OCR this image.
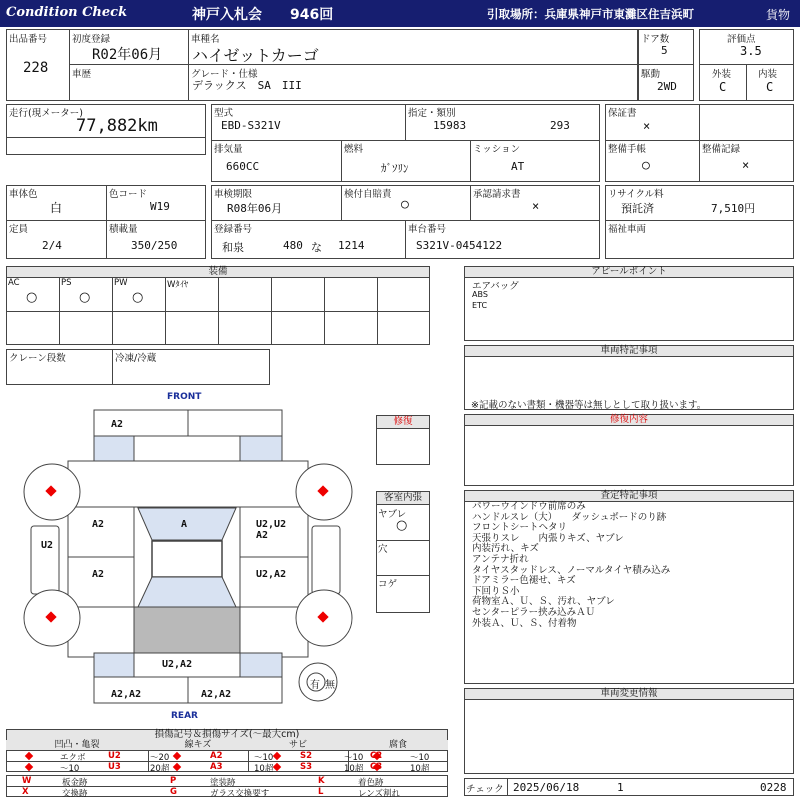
Condition Check	神戸入札会 946回	引取場所：兵庫県神戸市東灘区住吉浜町	貨物
出品番号
228
初度登録
R02年06月
車種名
ハイゼットカーゴ
車歴	グレード・仕様
デラックス　SA　III
ドア数
5
駆動
2WD
評価点
3.5
外装
C
内装
C
走行(現メーター)
77,882km
型式
EBD-S321V
指定・類別
15983	293
排気量
660CC
燃料
ｶﾞｿﾘﾝ
ミッション
AT
保証書
×
整備手帳
○
整備記録
×
車体色
白
色コード
W19
定員
2/4
積載量
350/250
車検期限
R08年06月
検付自賠責
○
承認請求書
×
登録番号
和泉	480 な 1214
車台番号
S321V-0454122
リサイクル料
預託済	7,510円
福祉車両
装備
AC
○
PS
○
PW
○
Wﾀｲﾔ
クレーン段数	冷凍/冷蔵
アピールポイント
エアバッグ
ABS
ETC
車両特記事項
※記載のない書類・機器等は無しとして取り扱います。
修復内容
査定特記事項
パワーウインドウ前席のみ
ハンドルスレ（大）　　ダッシュボードのり跡
フロントシートヘタリ
天張りスレ　　内張りキズ、ヤブレ
内装汚れ、キズ
アンテナ折れ
タイヤスタッドレス、ノーマルタイヤ積み込み
ドアミラー色褪せ、キズ
下回りＳ小
荷物室Ａ、Ｕ、Ｓ、汚れ、ヤブレ
センターピラー挟み込みＡＵ
外装Ａ、Ｕ、Ｓ、付着物
車両変更情報
チェック 2025/06/18	1	0228
FRONT
REAR
A2
A2	A	U2,U2
A2
U2
A2	U2,A2
U2,A2
A2,A2	A2,A2
有 無
修復
客室内張
ヤブレ
○
穴
コゲ
損傷記号＆損傷サイズ(〜最大cm)
凹凸・亀裂	線キズ	サビ	腐食
エクボ	U2	〜20	A2	〜10	S2	〜10 C2	〜10
〜10	U3	20超	A3	10超	S3	10超 C3	10超
W	板金跡	P	塗装跡	K	着色跡
X	交換跡	G	ガラス交換要す	L	レンズ割れ
